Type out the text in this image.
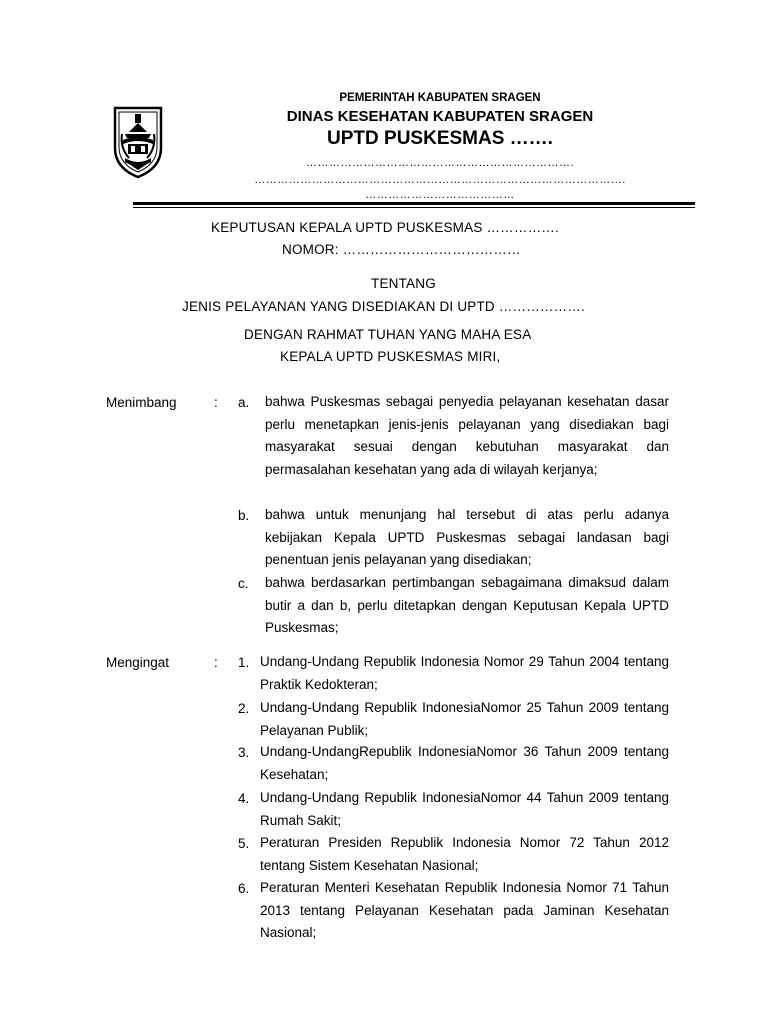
PEMERINTAH KABUPATEN SRAGEN
DINAS KESEHATAN KABUPATEN SRAGEN
UPTD PUSKESMAS …….
…………………………………………………………….
…………………………………………………………………………………….
…………………………………
KEPUTUSAN KEPALA UPTD PUSKESMAS …………….
NOMOR: …………………………………
TENTANG
JENIS PELAYANAN YANG DISEDIAKAN DI UPTD ……………….
DENGAN RAHMAT TUHAN YANG MAHA ESA
KEPALA UPTD PUSKESMAS MIRI,
Menimbang	: a. bahwa Puskesmas sebagai penyedia pelayanan kesehatan dasar perlu menetapkan jenis-jenis pelayanan yang disediakan bagi masyarakat sesuai dengan kebutuhan masyarakat dan permasalahan kesehatan yang ada di wilayah kerjanya;

b. bahwa untuk menunjang hal tersebut di atas perlu adanya kebijakan Kepala UPTD Puskesmas sebagai landasan bagi penentuan jenis pelayanan yang disediakan;

c. bahwa berdasarkan pertimbangan sebagaimana dimaksud dalam butir a dan b, perlu ditetapkan dengan Keputusan Kepala UPTD Puskesmas;

Mengingat	: 1. Undang-Undang Republik Indonesia Nomor 29 Tahun 2004 tentang Praktik Kedokteran;

2. Undang-Undang Republik IndonesiaNomor 25 Tahun 2009 tentang Pelayanan Publik;

3. Undang-UndangRepublik IndonesiaNomor 36 Tahun 2009 tentang Kesehatan;

4. Undang-Undang Republik IndonesiaNomor 44 Tahun 2009 tentang Rumah Sakit;

5. Peraturan Presiden Republik Indonesia Nomor 72 Tahun 2012 tentang Sistem Kesehatan Nasional;

6. Peraturan Menteri Kesehatan Republik Indonesia Nomor 71 Tahun 2013 tentang Pelayanan Kesehatan pada Jaminan Kesehatan Nasional;
